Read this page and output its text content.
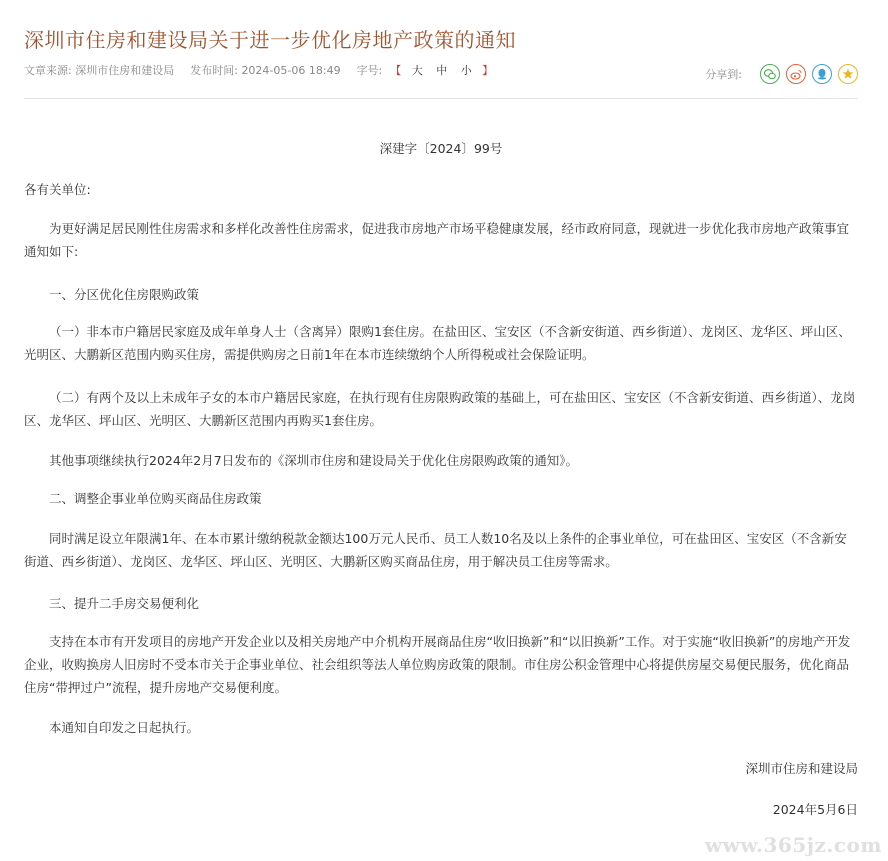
深圳市住房和建设局关于进一步优化房地产政策的通知
文章来源: 深圳市住房和建设局 发布时间: 2024-05-06 18:49 字号: 【 大 中 小 】	分享到:
深建字〔2024〕99号
各有关单位:
为更好满足居民刚性住房需求和多样化改善性住房需求，促进我市房地产市场平稳健康发展，经市政府同意，现就进一步优化我市房地产政策事宜通知如下:
一、分区优化住房限购政策
（一）非本市户籍居民家庭及成年单身人士（含离异）限购1套住房。在盐田区、宝安区（不含新安街道、西乡街道）、龙岗区、龙华区、坪山区、光明区、大鹏新区范围内购买住房，需提供购房之日前1年在本市连续缴纳个人所得税或社会保险证明。
（二）有两个及以上未成年子女的本市户籍居民家庭，在执行现有住房限购政策的基础上，可在盐田区、宝安区（不含新安街道、西乡街道）、龙岗区、龙华区、坪山区、光明区、大鹏新区范围内再购买1套住房。
其他事项继续执行2024年2月7日发布的《深圳市住房和建设局关于优化住房限购政策的通知》。
二、调整企事业单位购买商品住房政策
同时满足设立年限满1年、在本市累计缴纳税款金额达100万元人民币、员工人数10名及以上条件的企事业单位，可在盐田区、宝安区（不含新安街道、西乡街道）、龙岗区、龙华区、坪山区、光明区、大鹏新区购买商品住房，用于解决员工住房等需求。
三、提升二手房交易便利化
支持在本市有开发项目的房地产开发企业以及相关房地产中介机构开展商品住房“收旧换新”和“以旧换新”工作。对于实施“收旧换新”的房地产开发企业，收购换房人旧房时不受本市关于企事业单位、社会组织等法人单位购房政策的限制。市住房公积金管理中心将提供房屋交易便民服务，优化商品住房“带押过户”流程，提升房地产交易便利度。
本通知自印发之日起执行。
深圳市住房和建设局
2024年5月6日
www.365jz.com
